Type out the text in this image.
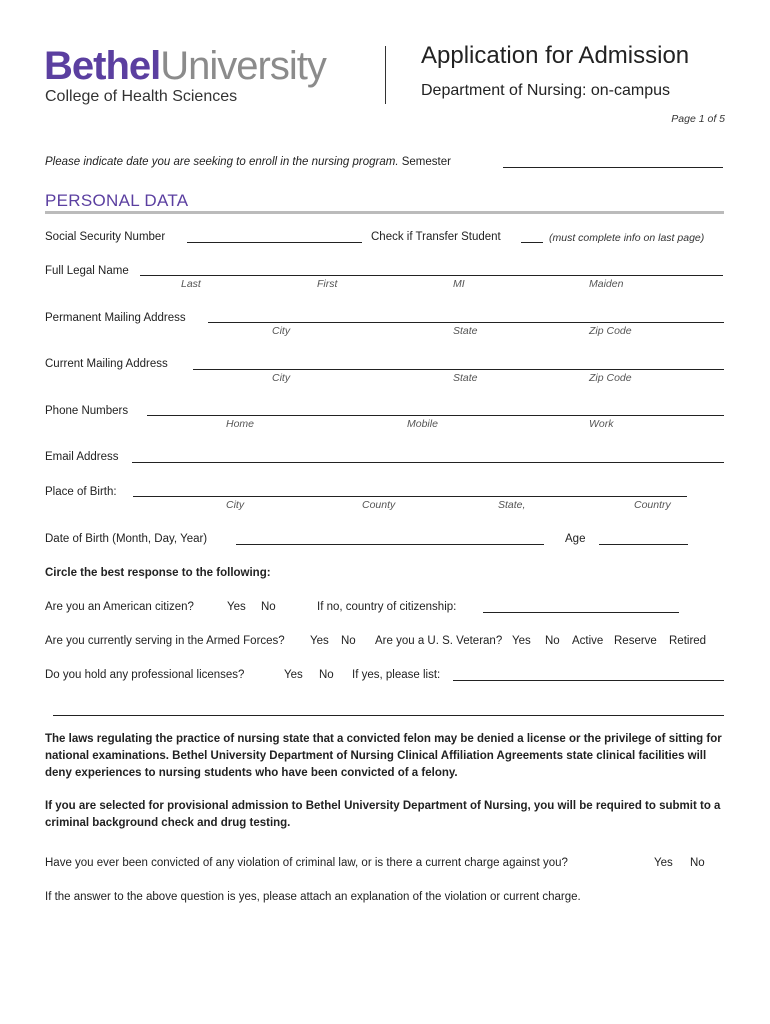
BethelUniversity
College of Health Sciences
Application for Admission
Department of Nursing: on-campus
Page 1 of 5
Please indicate date you are seeking to enroll in the nursing program. Semester
PERSONAL DATA
Social Security Number	Check if Transfer Student	(must complete info on last page)
Full Legal Name
Last	First	MI	Maiden
Permanent Mailing Address
City	State	Zip Code
Current Mailing Address
City	State	Zip Code
Phone Numbers
Home	Mobile	Work
Email Address
Place of Birth:
City	County	State,	Country
Date of Birth (Month, Day, Year)	Age
Circle the best response to the following:
Are you an American citizen?	Yes No	If no, country of citizenship:
Are you currently serving in the Armed Forces? Yes No Are you a U. S. Veteran? Yes No Active Reserve Retired
Do you hold any professional licenses?	Yes No If yes, please list:
The laws regulating the practice of nursing state that a convicted felon may be denied a license or the privilege of sitting for national examinations. Bethel University Department of Nursing Clinical Affiliation Agreements state clinical facilities will deny experiences to nursing students who have been convicted of a felony.
If you are selected for provisional admission to Bethel University Department of Nursing, you will be required to submit to a criminal background check and drug testing.
Have you ever been convicted of any violation of criminal law, or is there a current charge against you?	Yes No
If the answer to the above question is yes, please attach an explanation of the violation or current charge.
